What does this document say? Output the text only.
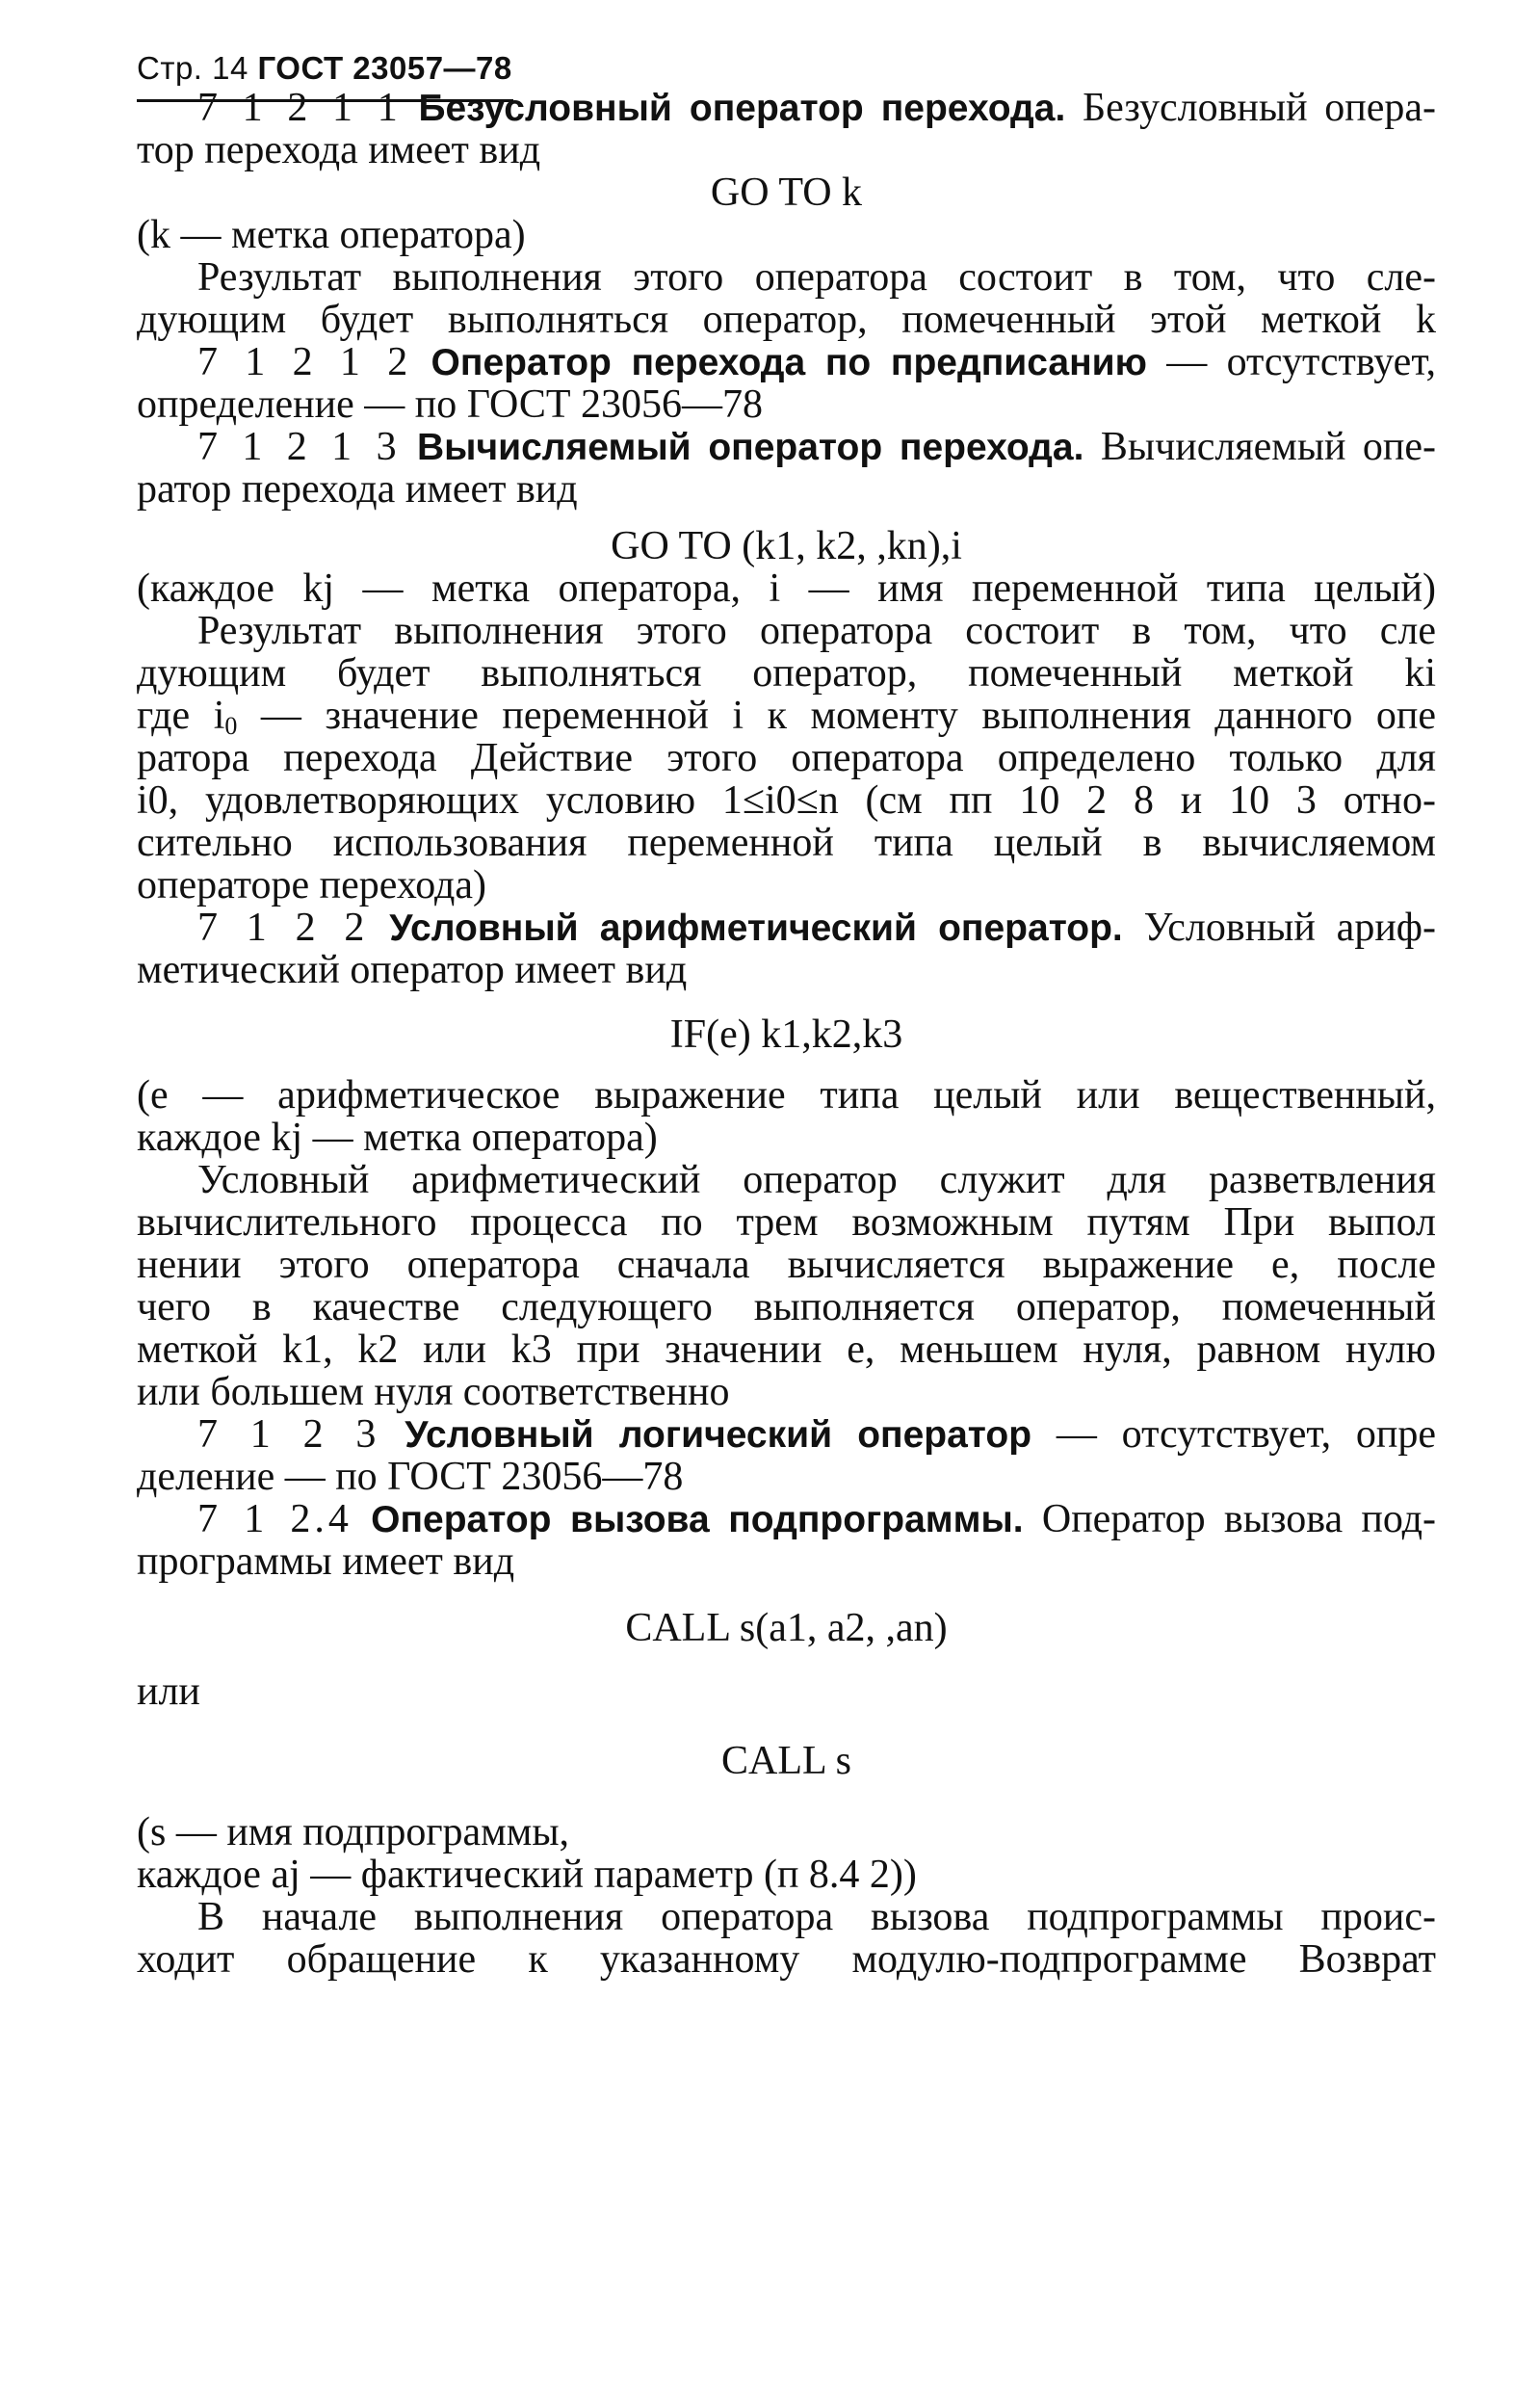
Стр. 14 ГОСТ 23057—78
7 1 2 1 1 Безусловный оператор перехода. Безусловный опера-
тор перехода имеет вид
GO TO k
(k — метка оператора)
Результат выполнения этого оператора состоит в том, что сле-
дующим будет выполняться оператор, помеченный этой меткой k
7 1 2 1 2 Оператор перехода по предписанию — отсутствует,
определение — по ГОСТ 23056—78
7 1 2 1 3 Вычисляемый оператор перехода. Вычисляемый опе-
ратор перехода имеет вид
GO TO (k1, k2, ,kn),i
(каждое kj — метка оператора, i — имя переменной типа целый)
Результат выполнения этого оператора состоит в том, что сле
дующим будет выполняться оператор, помеченный меткой ki
где $i_0$ — значение переменной i к моменту выполнения данного опе
ратора перехода Действие этого оператора определено только для
i0, удовлетворяющих условию 1≤i0≤n (см пп 10 2 8 и 10 3 отно-
сительно использования переменной типа целый в вычисляемом
операторе перехода)
7 1 2 2 Условный арифметический оператор. Условный ариф-
метический оператор имеет вид
IF(e) k1,k2,k3
(е — арифметическое выражение типа целый или вещественный,
каждое kj — метка оператора)
Условный арифметический оператор служит для разветвления
вычислительного процесса по трем возможным путям При выпол
нении этого оператора сначала вычисляется выражение е, после
чего в качестве следующего выполняется оператор, помеченный
меткой k1, k2 или k3 при значении е, меньшем нуля, равном нулю
или большем нуля соответственно
7 1 2 3 Условный логический оператор — отсутствует, опре
деление — по ГОСТ 23056—78
7 1 2.4 Оператор вызова подпрограммы. Оператор вызова под-
программы имеет вид
CALL s(a1, a2, ,an)
или
CALL s
(s — имя подпрограммы,
каждое aj — фактический параметр (п 8.4 2))
В начале выполнения оператора вызова подпрограммы проис-
ходит обращение к указанному модулю-подпрограмме Возврат
